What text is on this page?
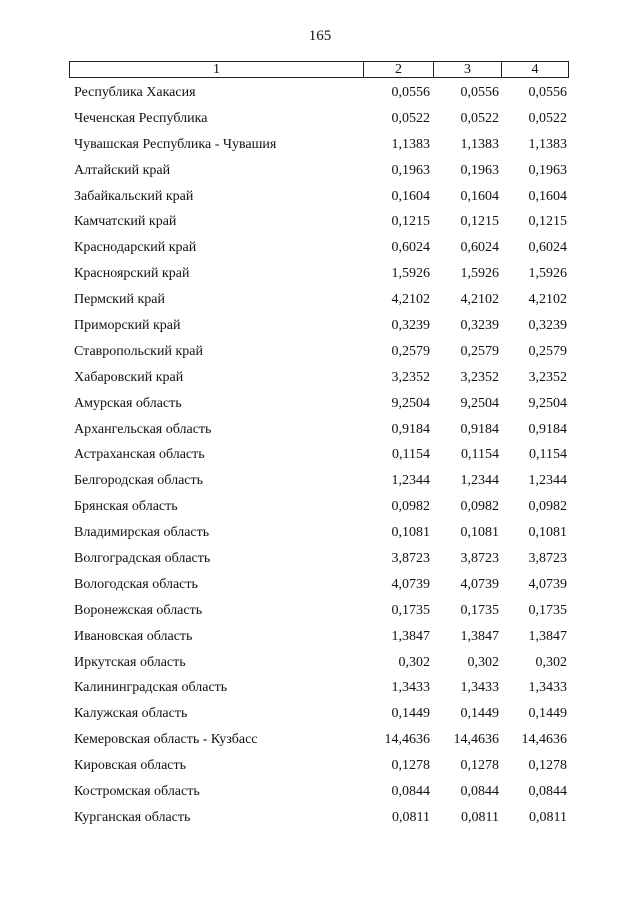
165
1	2	3	4
Республика Хакасия	0,0556 0,0556 0,0556
Чеченская Республика	0,0522 0,0522 0,0522
Чувашская Республика - Чувашия	1,1383 1,1383 1,1383
Алтайский край	0,1963 0,1963 0,1963
Забайкальский край	0,1604 0,1604 0,1604
Камчатский край	0,1215 0,1215 0,1215
Краснодарский край	0,6024 0,6024 0,6024
Красноярский край	1,5926 1,5926 1,5926
Пермский край	4,2102 4,2102 4,2102
Приморский край	0,3239 0,3239 0,3239
Ставропольский край	0,2579 0,2579 0,2579
Хабаровский край	3,2352 3,2352 3,2352
Амурская область	9,2504 9,2504 9,2504
Архангельская область	0,9184 0,9184 0,9184
Астраханская область	0,1154 0,1154 0,1154
Белгородская область	1,2344 1,2344 1,2344
Брянская область	0,0982 0,0982 0,0982
Владимирская область	0,1081 0,1081 0,1081
Волгоградская область	3,8723 3,8723 3,8723
Вологодская область	4,0739 4,0739 4,0739
Воронежская область	0,1735 0,1735 0,1735
Ивановская область	1,3847 1,3847 1,3847
Иркутская область	0,302	0,302	0,302
Калининградская область	1,3433 1,3433 1,3433
Калужская область	0,1449 0,1449 0,1449
Кемеровская область - Кузбасс	14,4636 14,4636 14,4636
Кировская область	0,1278 0,1278 0,1278
Костромская область	0,0844 0,0844 0,0844
Курганская область	0,0811 0,0811 0,0811
